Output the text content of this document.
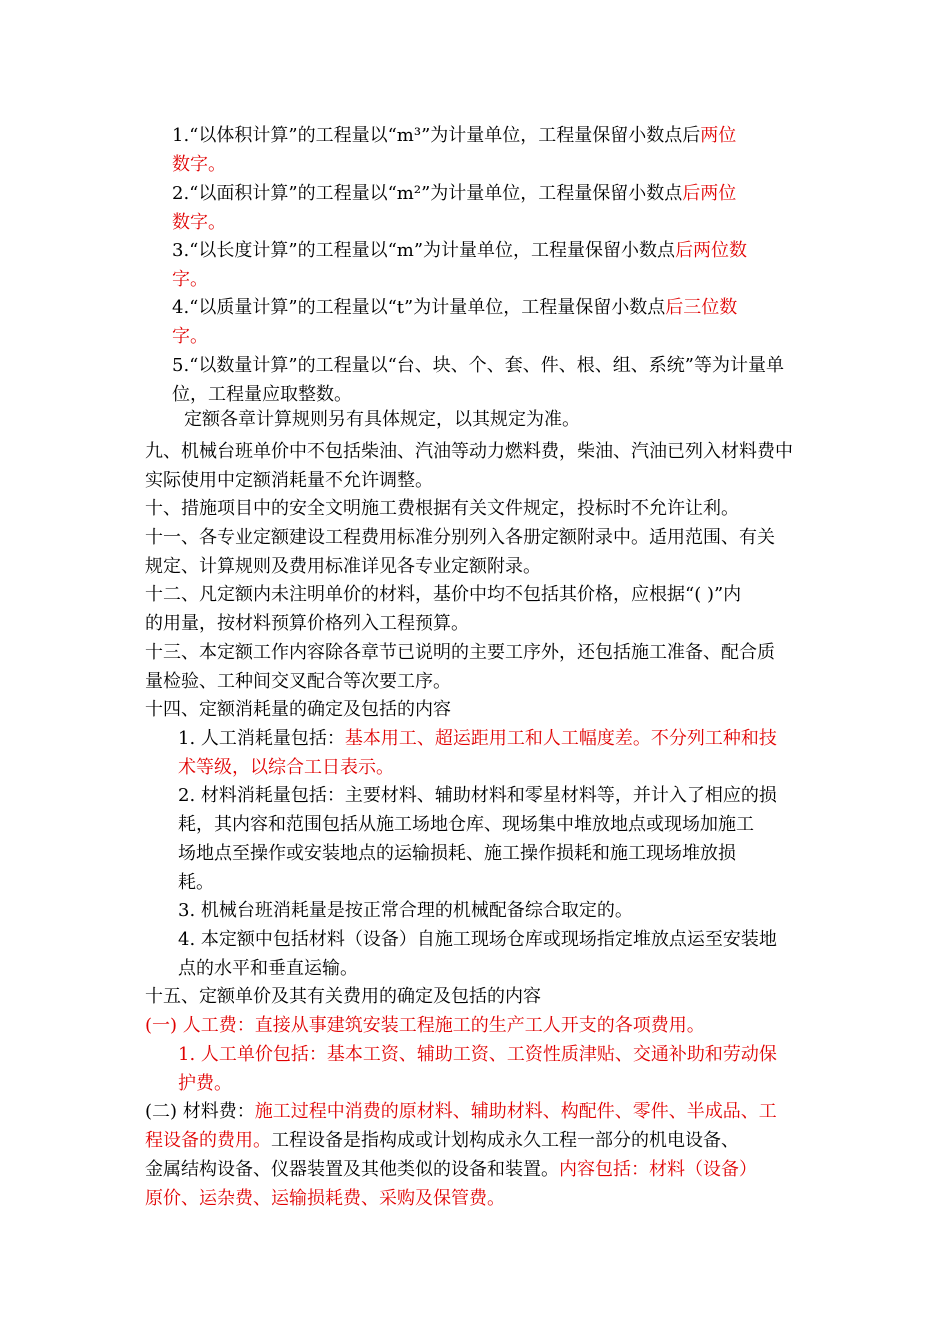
1.“以体积计算”的工程量以“m³”为计量单位，工程量保留小数点后两位
数字。
2.“以面积计算”的工程量以“m²”为计量单位，工程量保留小数点后两位
数字。
3.“以长度计算”的工程量以“m”为计量单位，工程量保留小数点后两位数
字。
4.“以质量计算”的工程量以“t”为计量单位，工程量保留小数点后三位数
字。
5.“以数量计算”的工程量以“台、块、个、套、件、根、组、系统”等为计量单
位，工程量应取整数。
定额各章计算规则另有具体规定，以其规定为准。
九、机械台班单价中不包括柴油、汽油等动力燃料费，柴油、汽油已列入材料费中
实际使用中定额消耗量不允许调整。
十、措施项目中的安全文明施工费根据有关文件规定，投标时不允许让利。
十一、各专业定额建设工程费用标准分别列入各册定额附录中。适用范围、有关
规定、计算规则及费用标准详见各专业定额附录。
十二、凡定额内未注明单价的材料，基价中均不包括其价格，应根据“( )”内
的用量，按材料预算价格列入工程预算。
十三、本定额工作内容除各章节已说明的主要工序外，还包括施工准备、配合质
量检验、工种间交叉配合等次要工序。
十四、定额消耗量的确定及包括的内容
1. 人工消耗量包括：基本用工、超运距用工和人工幅度差。不分列工种和技
术等级，以综合工日表示。
2. 材料消耗量包括：主要材料、辅助材料和零星材料等，并计入了相应的损
耗，其内容和范围包括从施工场地仓库、现场集中堆放地点或现场加施工
场地点至操作或安装地点的运输损耗、施工操作损耗和施工现场堆放损
耗。
3. 机械台班消耗量是按正常合理的机械配备综合取定的。
4. 本定额中包括材料（设备）自施工现场仓库或现场指定堆放点运至安装地
点的水平和垂直运输。
十五、定额单价及其有关费用的确定及包括的内容
(一) 人工费：直接从事建筑安装工程施工的生产工人开支的各项费用。
1. 人工单价包括：基本工资、辅助工资、工资性质津贴、交通补助和劳动保
护费。
(二) 材料费：施工过程中消费的原材料、辅助材料、构配件、零件、半成品、工
程设备的费用。工程设备是指构成或计划构成永久工程一部分的机电设备、
金属结构设备、仪器装置及其他类似的设备和装置。内容包括：材料（设备）
原价、运杂费、运输损耗费、采购及保管费。
